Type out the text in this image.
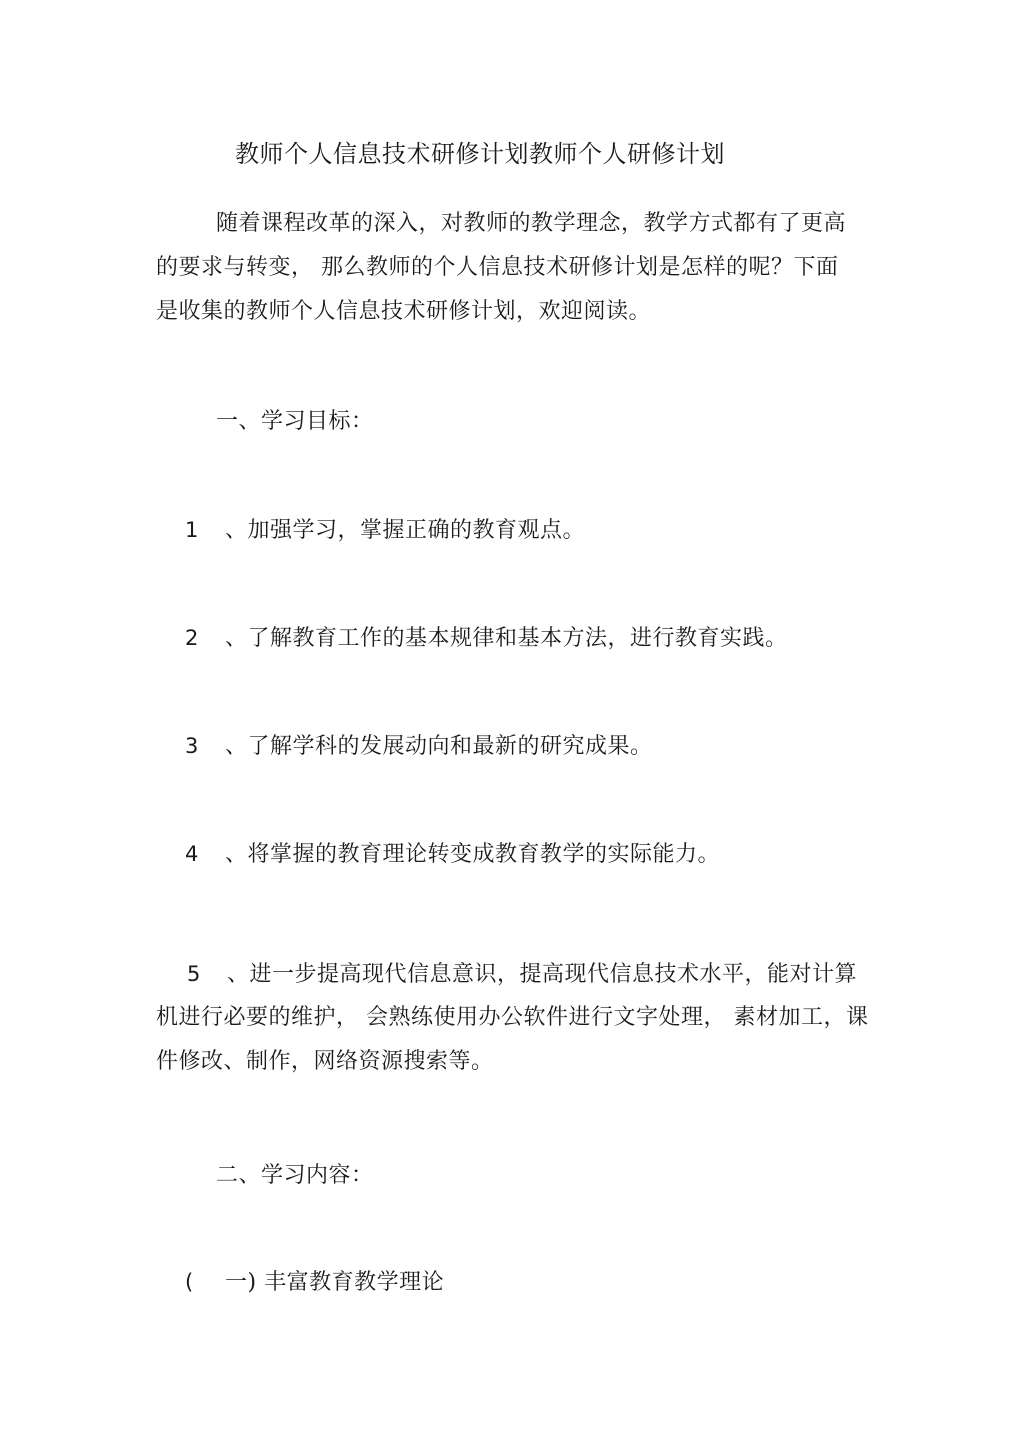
教师个人信息技术研修计划教师个人研修计划
随着课程改革的深入，对教师的教学理念，教学方式都有了更高
的要求与转变， 那么教师的个人信息技术研修计划是怎样的呢？下面
是收集的教师个人信息技术研修计划，欢迎阅读。
一、学习目标：
1 、加强学习，掌握正确的教育观点。
2 、了解教育工作的基本规律和基本方法，进行教育实践。
3 、了解学科的发展动向和最新的研究成果。
4 、将掌握的教育理论转变成教育教学的实际能力。
5 、进一步提高现代信息意识，提高现代信息技术水平，能对计算
机进行必要的维护， 会熟练使用办公软件进行文字处理， 素材加工，课
件修改、制作，网络资源搜索等。
二、学习内容：
( 一) 丰富教育教学理论
